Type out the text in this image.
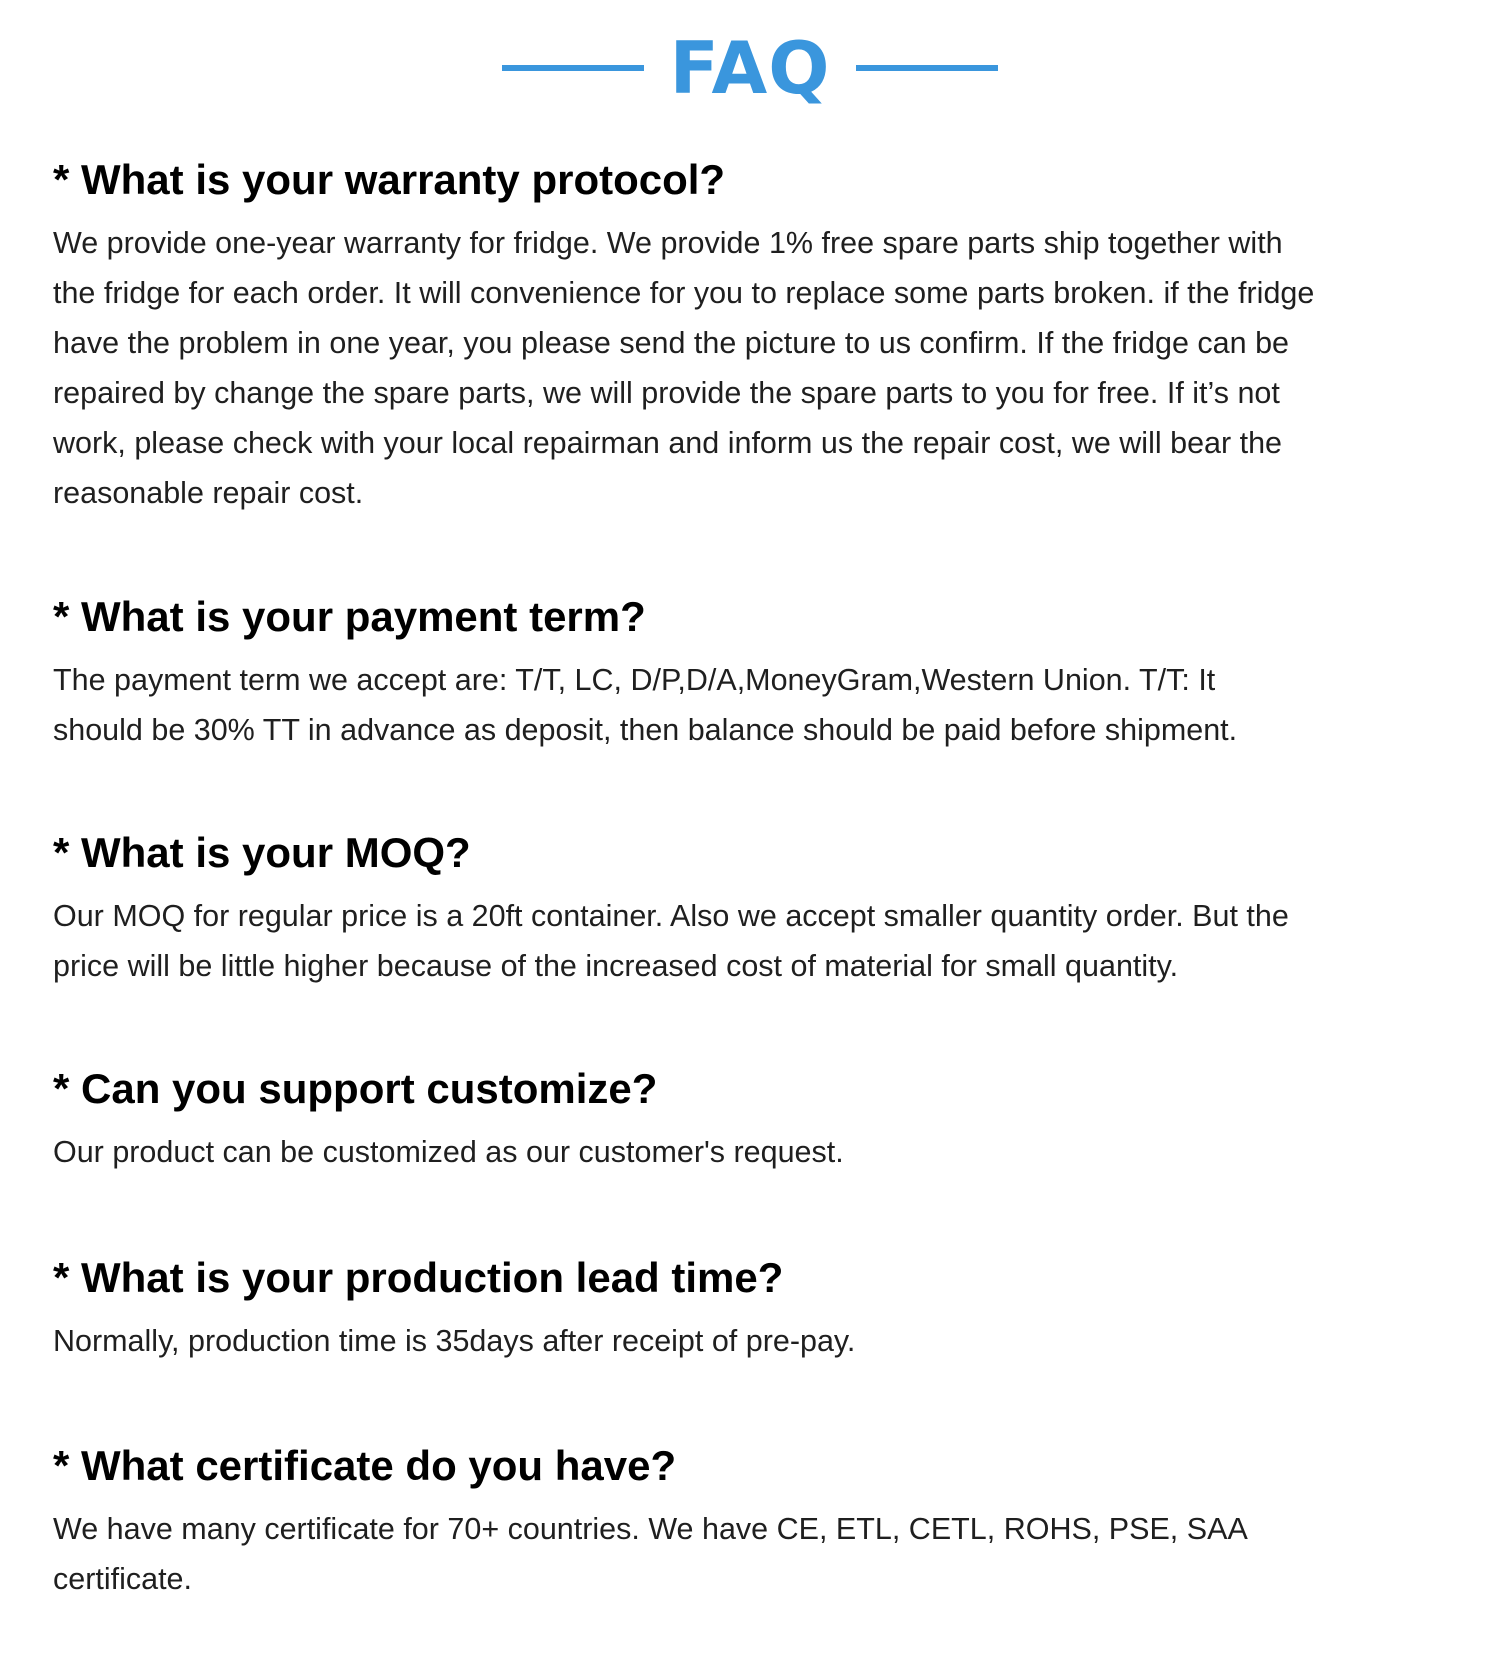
FAQ
* What is your warranty protocol?
We provide one-year warranty for fridge. We provide 1% free spare parts ship together with
the fridge for each order. It will convenience for you to replace some parts broken. if the fridge
have the problem in one year, you please send the picture to us confirm. If the fridge can be
repaired by change the spare parts, we will provide the spare parts to you for free. If it’s not
work, please check with your local repairman and inform us the repair cost, we will bear the
reasonable repair cost.
* What is your payment term?
The payment term we accept are: T/T, LC, D/P,D/A,MoneyGram,Western Union. T/T: It
should be 30% TT in advance as deposit, then balance should be paid before shipment.
* What is your MOQ?
Our MOQ for regular price is a 20ft container. Also we accept smaller quantity order. But the
price will be little higher because of the increased cost of material for small quantity.
* Can you support customize?
Our product can be customized as our customer's request.
* What is your production lead time?
Normally, production time is 35days after receipt of pre-pay.
* What certificate do you have?
We have many certificate for 70+ countries. We have CE, ETL, CETL, ROHS, PSE, SAA
certificate.
